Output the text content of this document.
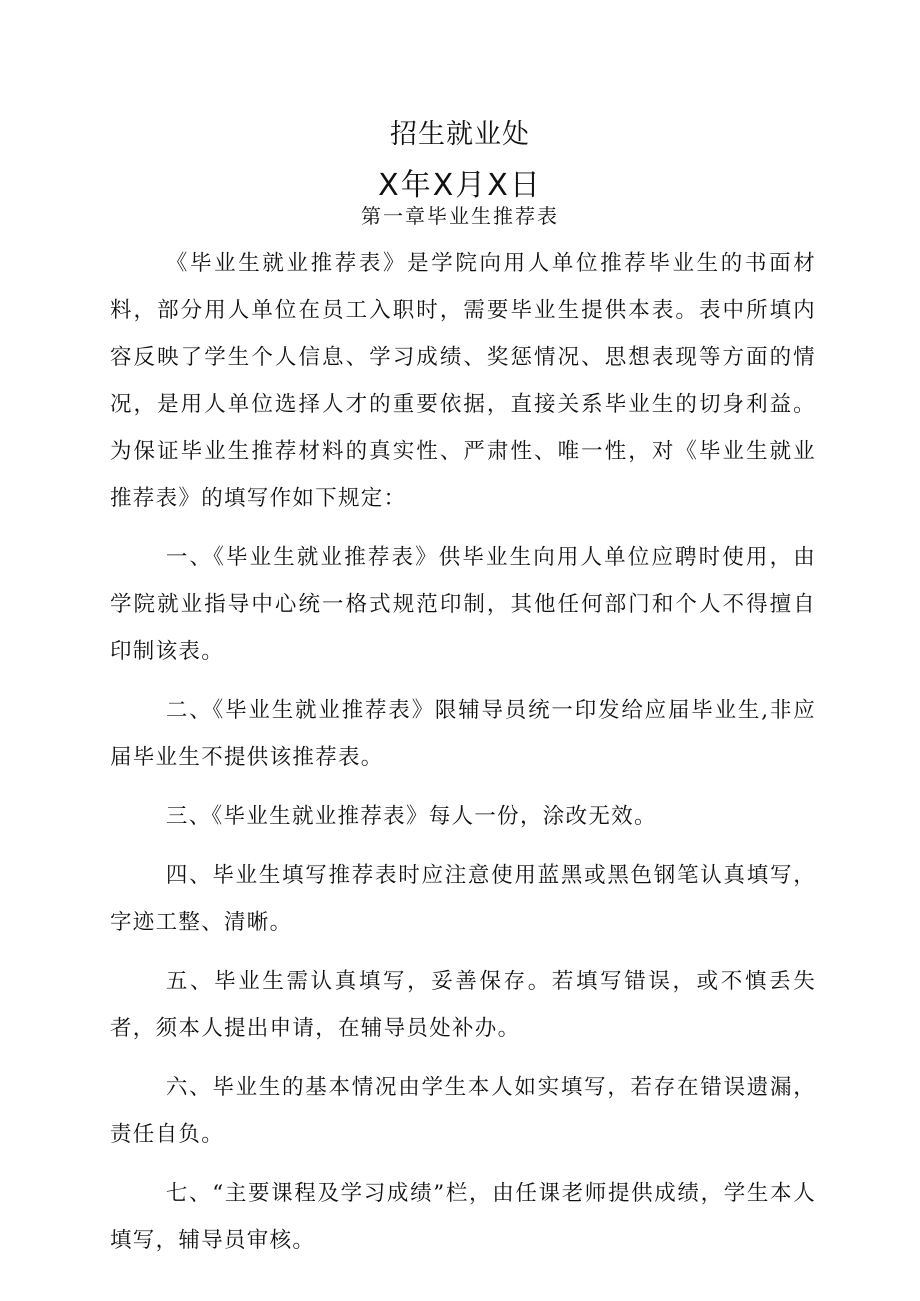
招生就业处
X年X月X日
第一章毕业生推荐表

《毕业生就业推荐表》是学院向用人单位推荐毕业生的书面材料，部分用人单位在员工入职时，需要毕业生提供本表。表中所填内容反映了学生个人信息、学习成绩、奖惩情况、思想表现等方面的情况，是用人单位选择人才的重要依据，直接关系毕业生的切身利益。为保证毕业生推荐材料的真实性、严肃性、唯一性，对《毕业生就业推荐表》的填写作如下规定：

一、《毕业生就业推荐表》供毕业生向用人单位应聘时使用，由学院就业指导中心统一格式规范印制，其他任何部门和个人不得擅自印制该表。

二、《毕业生就业推荐表》限辅导员统一印发给应届毕业生,非应届毕业生不提供该推荐表。

三、《毕业生就业推荐表》每人一份，涂改无效。

四、毕业生填写推荐表时应注意使用蓝黑或黑色钢笔认真填写，字迹工整、清晰。

五、毕业生需认真填写，妥善保存。若填写错误，或不慎丢失者，须本人提出申请，在辅导员处补办。

六、毕业生的基本情况由学生本人如实填写，若存在错误遗漏，责任自负。

七、“主要课程及学习成绩”栏，由任课老师提供成绩，学生本人填写，辅导员审核。
